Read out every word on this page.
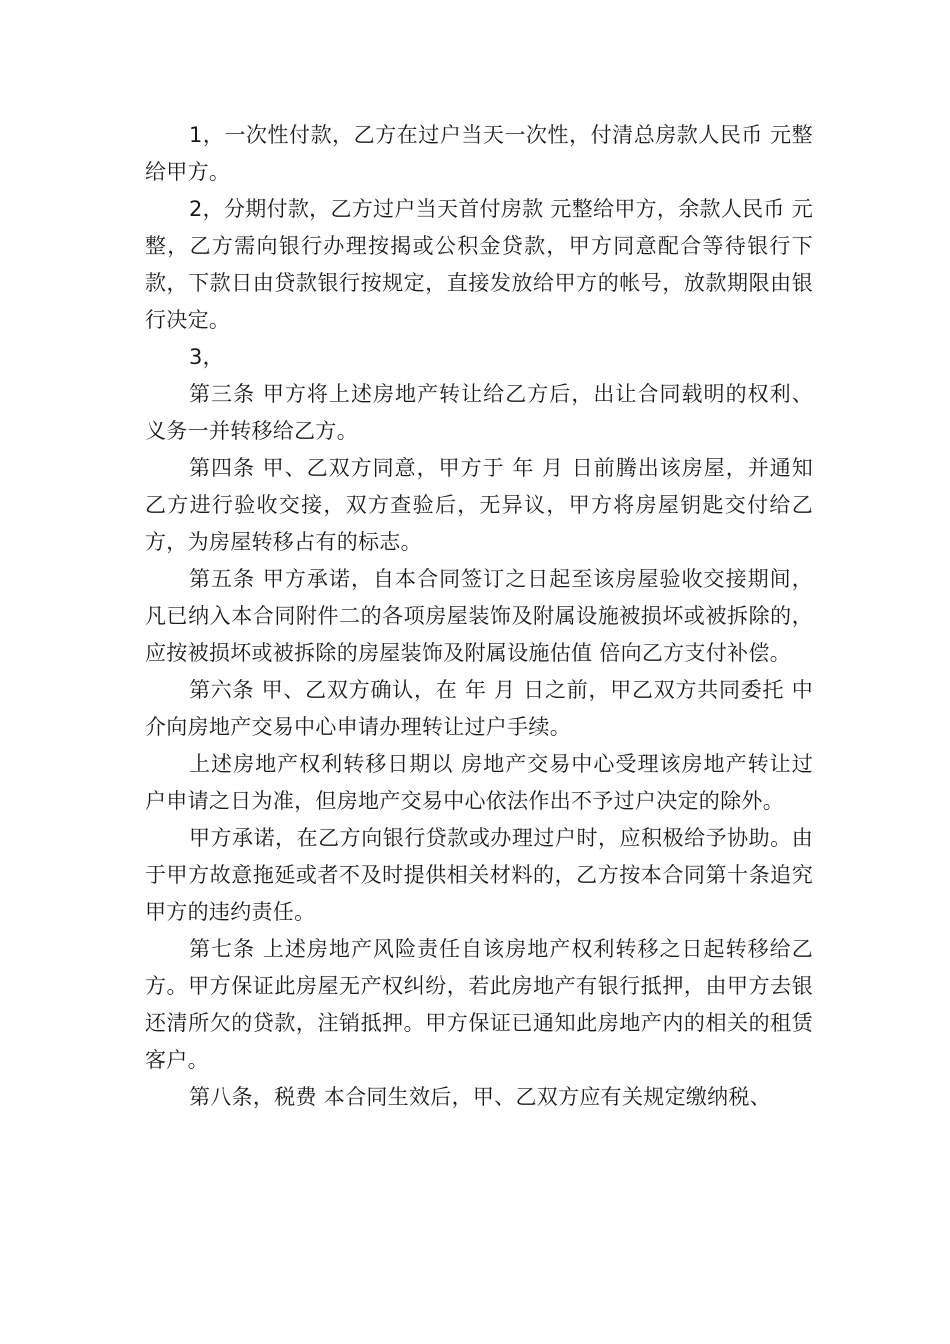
1，一次性付款，乙方在过户当天一次性，付清总房款人民币 元整给甲方。

2，分期付款，乙方过户当天首付房款 元整给甲方，余款人民币 元整，乙方需向银行办理按揭或公积金贷款，甲方同意配合等待银行下款，下款日由贷款银行按规定，直接发放给甲方的帐号，放款期限由银行决定。

3，

第三条 甲方将上述房地产转让给乙方后，出让合同载明的权利、义务一并转移给乙方。

第四条 甲、乙双方同意，甲方于 年 月 日前腾出该房屋，并通知乙方进行验收交接，双方查验后，无异议，甲方将房屋钥匙交付给乙方，为房屋转移占有的标志。

第五条 甲方承诺，自本合同签订之日起至该房屋验收交接期间，凡已纳入本合同附件二的各项房屋装饰及附属设施被损坏或被拆除的，应按被损坏或被拆除的房屋装饰及附属设施估值 倍向乙方支付补偿。

第六条 甲、乙双方确认，在 年 月 日之前，甲乙双方共同委托 中介向房地产交易中心申请办理转让过户手续。

上述房地产权利转移日期以 房地产交易中心受理该房地产转让过户申请之日为准，但房地产交易中心依法作出不予过户决定的除外。

甲方承诺，在乙方向银行贷款或办理过户时，应积极给予协助。由于甲方故意拖延或者不及时提供相关材料的，乙方按本合同第十条追究甲方的违约责任。

第七条 上述房地产风险责任自该房地产权利转移之日起转移给乙方。甲方保证此房屋无产权纠纷，若此房地产有银行抵押，由甲方去银还清所欠的贷款，注销抵押。甲方保证已通知此房地产内的相关的租赁客户。

第八条，税费 本合同生效后，甲、乙双方应有关规定缴纳税、
